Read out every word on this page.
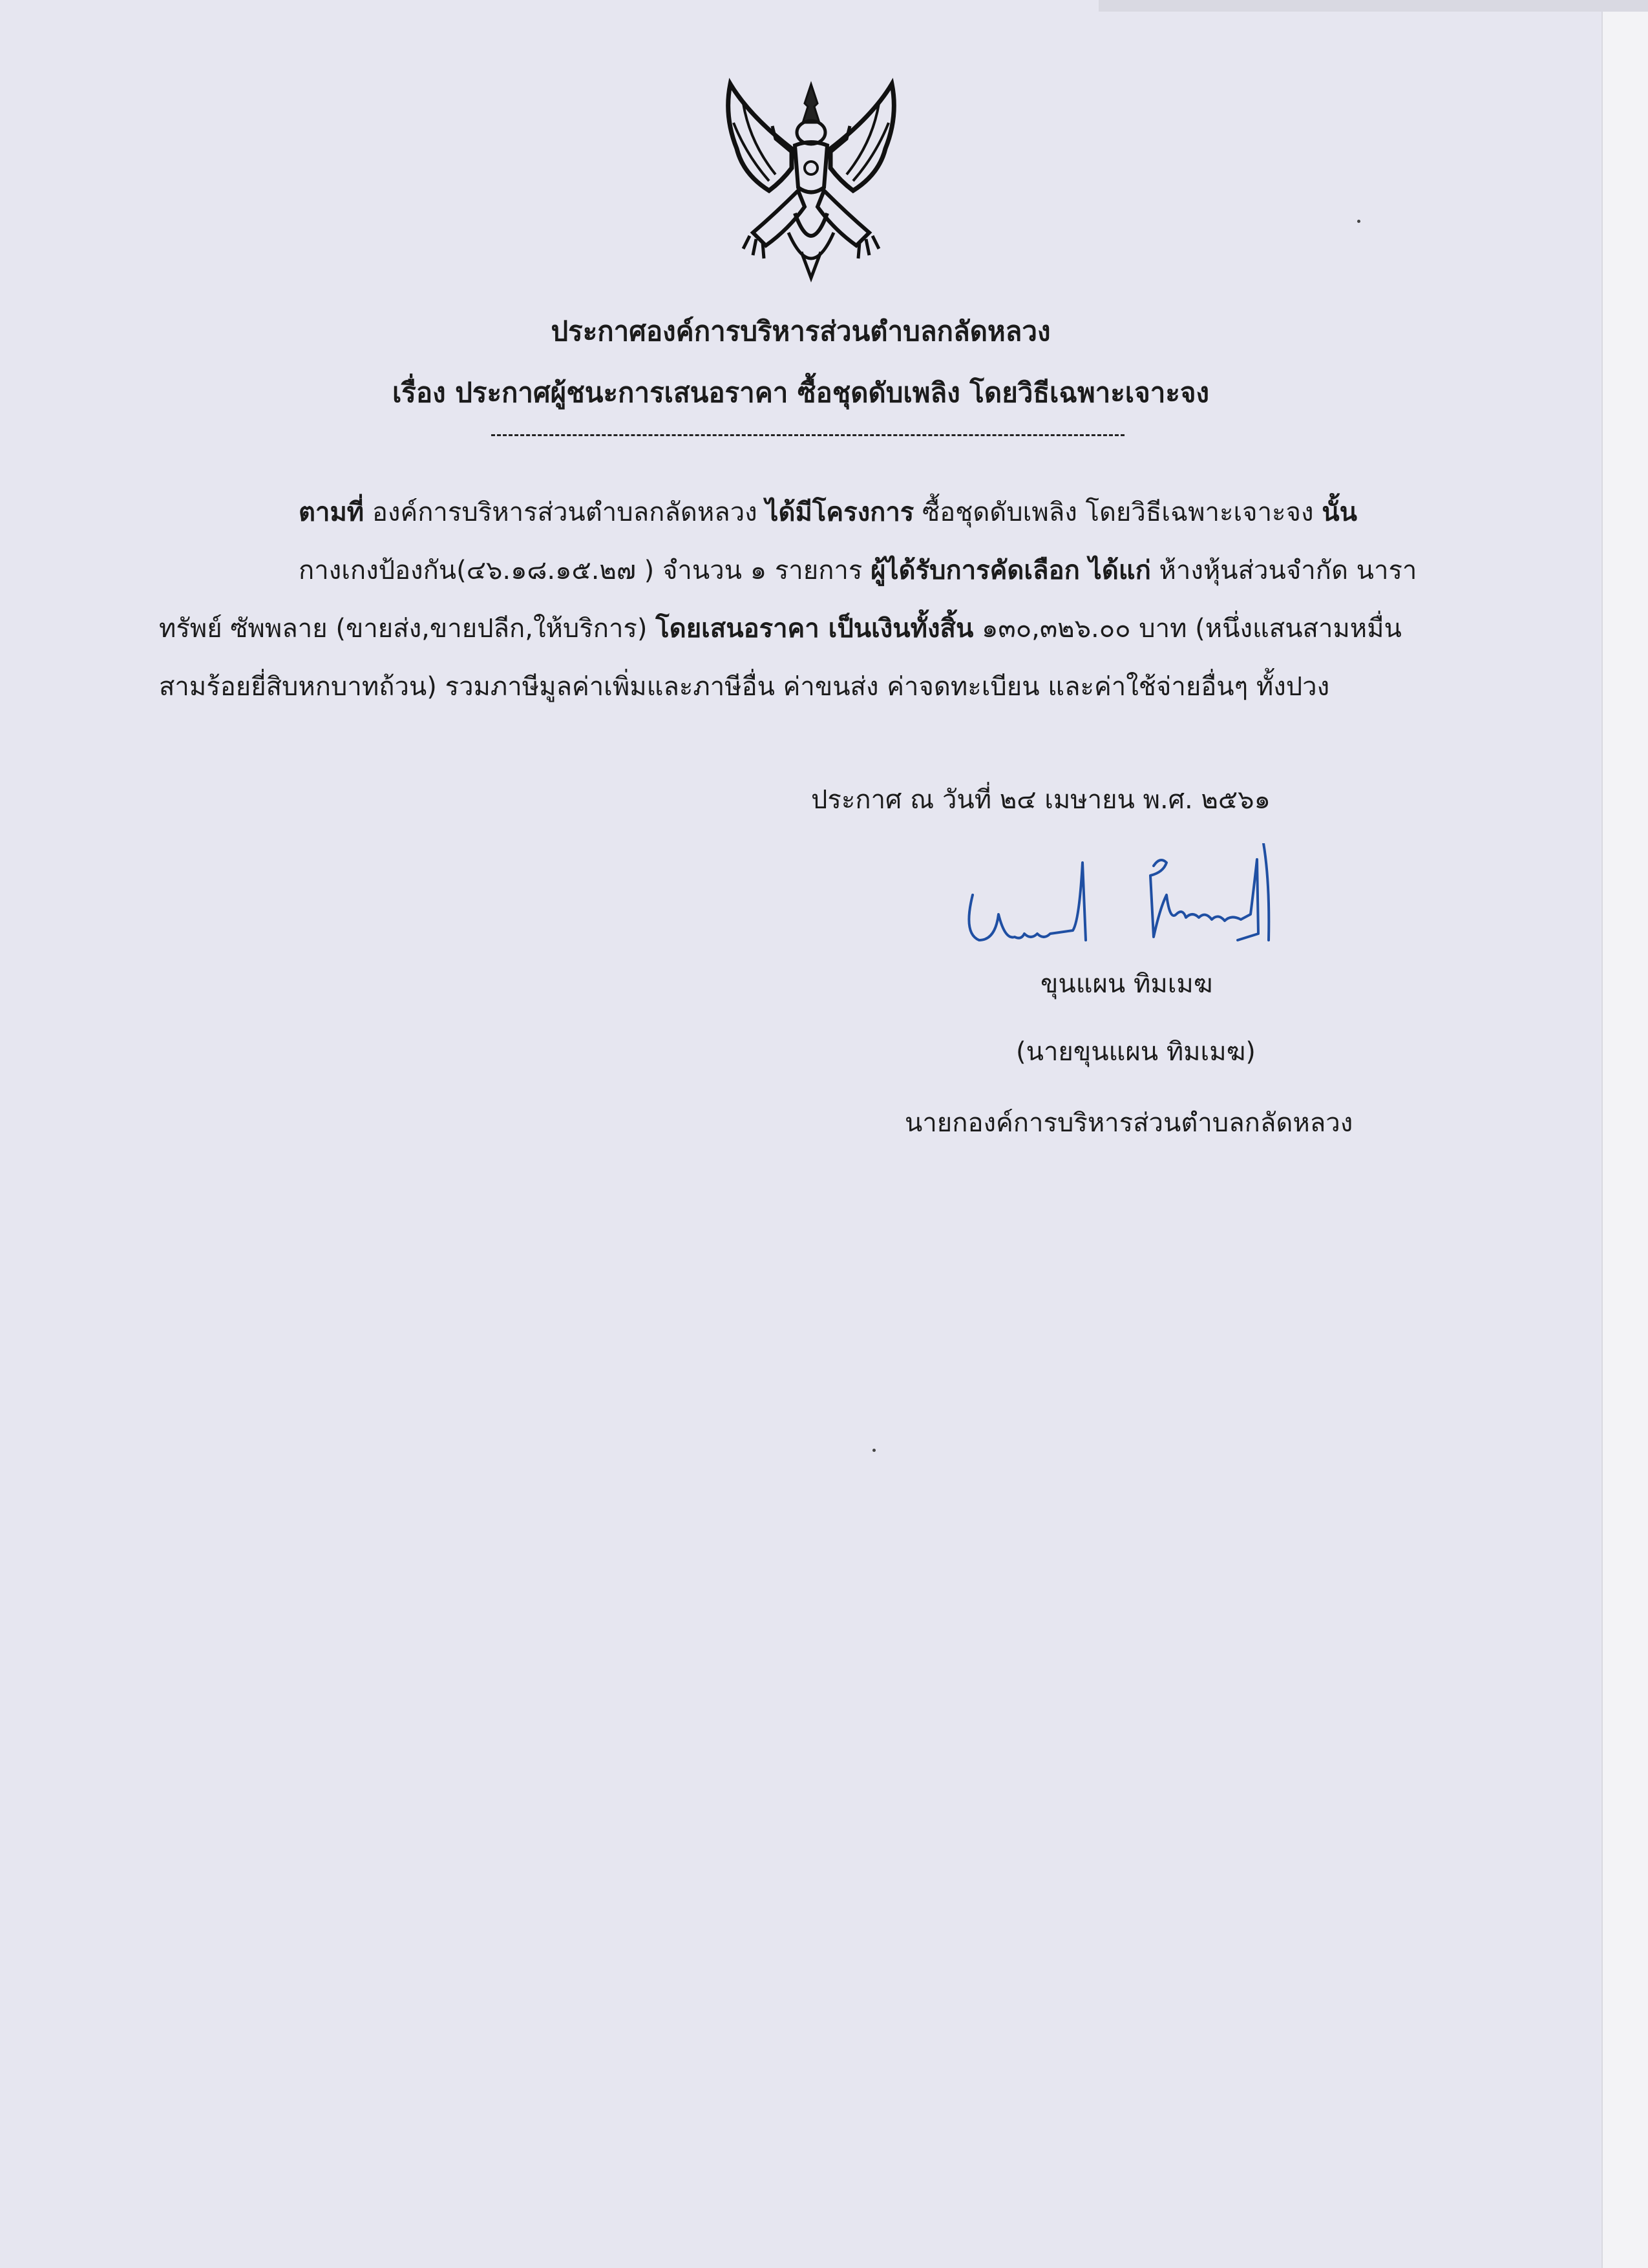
ประกาศองค์การบริหารส่วนตำบลกลัดหลวง
เรื่อง ประกาศผู้ชนะการเสนอราคา ซื้อชุดดับเพลิง โดยวิธีเฉพาะเจาะจง
ตามที่ องค์การบริหารส่วนตำบลกลัดหลวง ได้มีโครงการ ซื้อชุดดับเพลิง โดยวิธีเฉพาะเจาะจง นั้น
กางเกงป้องกัน(๔๖.๑๘.๑๕.๒๗ ) จำนวน ๑ รายการ ผู้ได้รับการคัดเลือก ได้แก่ ห้างหุ้นส่วนจำกัด นารา
ทรัพย์ ซัพพลาย (ขายส่ง,ขายปลีก,ให้บริการ) โดยเสนอราคา เป็นเงินทั้งสิ้น ๑๓๐,๓๒๖.๐๐ บาท (หนึ่งแสนสามหมื่น
สามร้อยยี่สิบหกบาทถ้วน) รวมภาษีมูลค่าเพิ่มและภาษีอื่น ค่าขนส่ง ค่าจดทะเบียน และค่าใช้จ่ายอื่นๆ ทั้งปวง
ประกาศ ณ วันที่ ๒๔ เมษายน พ.ศ. ๒๕๖๑
ขุนแผน ทิมเมฆ
(นายขุนแผน ทิมเมฆ)
นายกองค์การบริหารส่วนตำบลกลัดหลวง
